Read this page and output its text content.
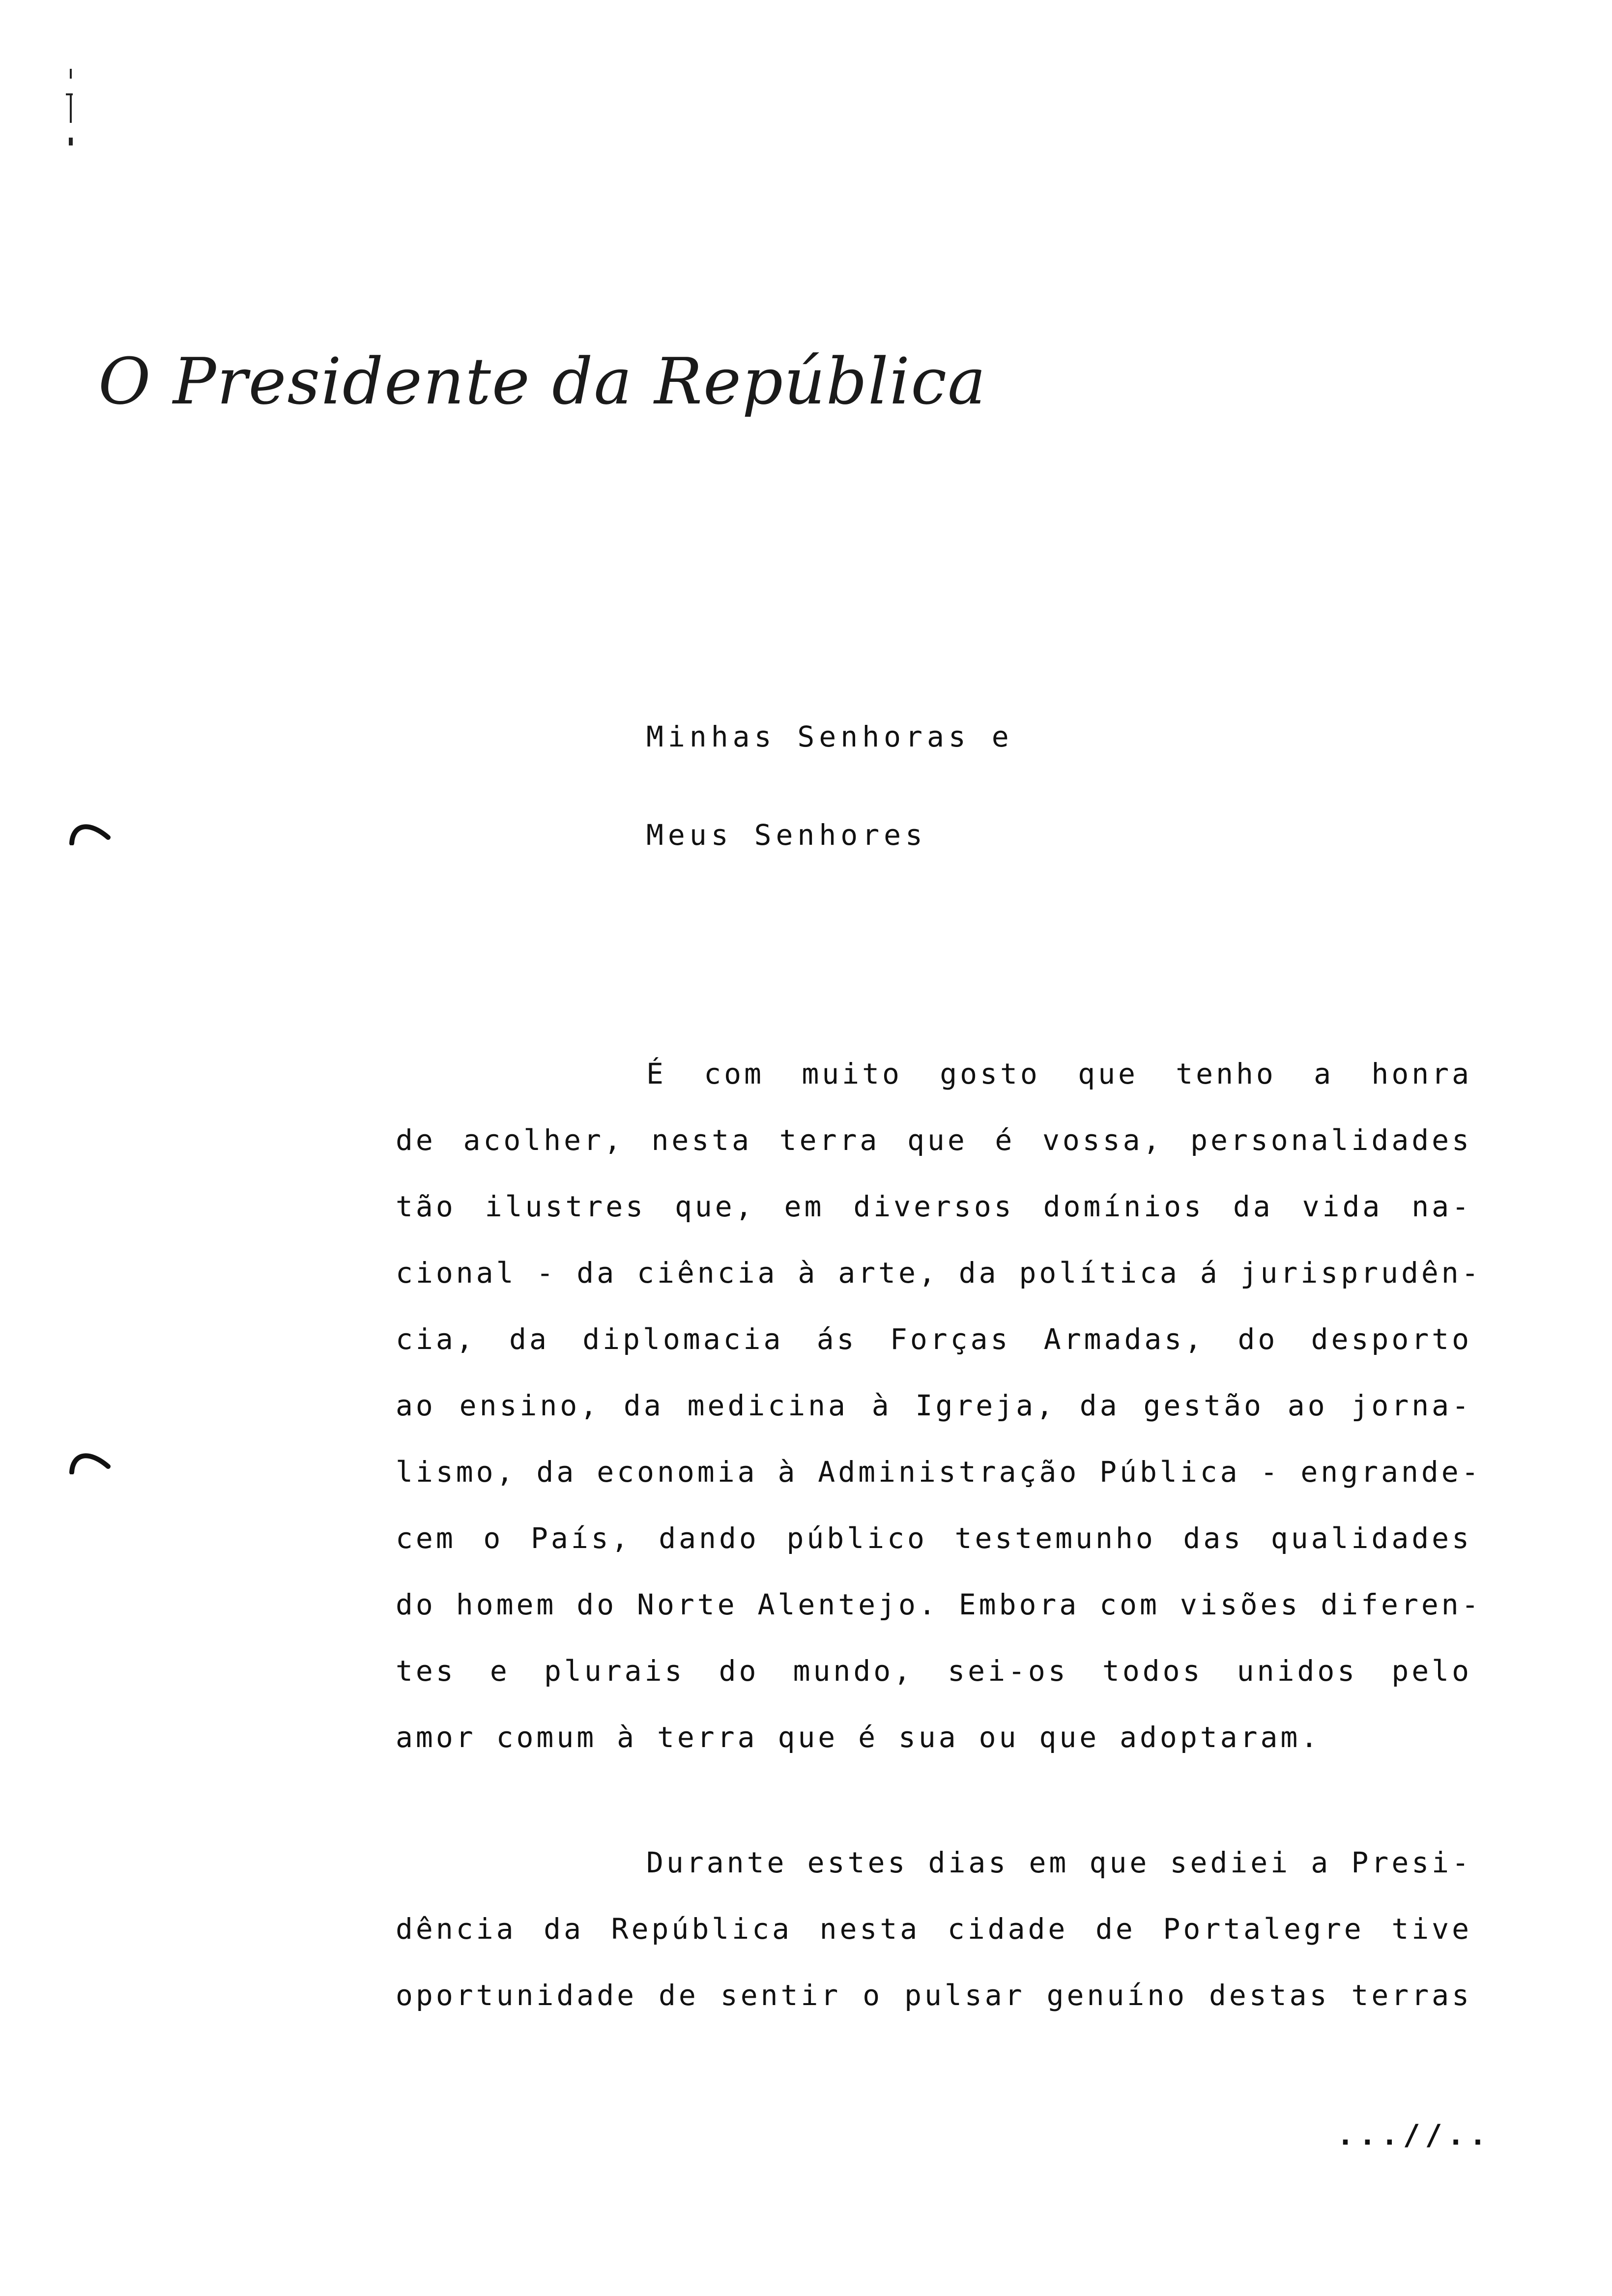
O Presidente da República
Minhas Senhoras e
Meus Senhores
É com muito gosto que tenho a honra
de acolher, nesta terra que é vossa, personalidades
tão ilustres que, em diversos domínios da vida na-
cional - da ciência à arte, da política á jurisprudên-
cia, da diplomacia ás Forças Armadas, do desporto
ao ensino, da medicina à Igreja, da gestão ao jorna-
lismo, da economia à Administração Pública - engrande-
cem o País, dando público testemunho das qualidades
do homem do Norte Alentejo. Embora com visões diferen-
tes e plurais do mundo, sei-os todos unidos pelo
amor comum à terra que é sua ou que adoptaram.
Durante estes dias em que sediei a Presi-
dência da República nesta cidade de Portalegre tive
oportunidade de sentir o pulsar genuíno destas terras
...//..
